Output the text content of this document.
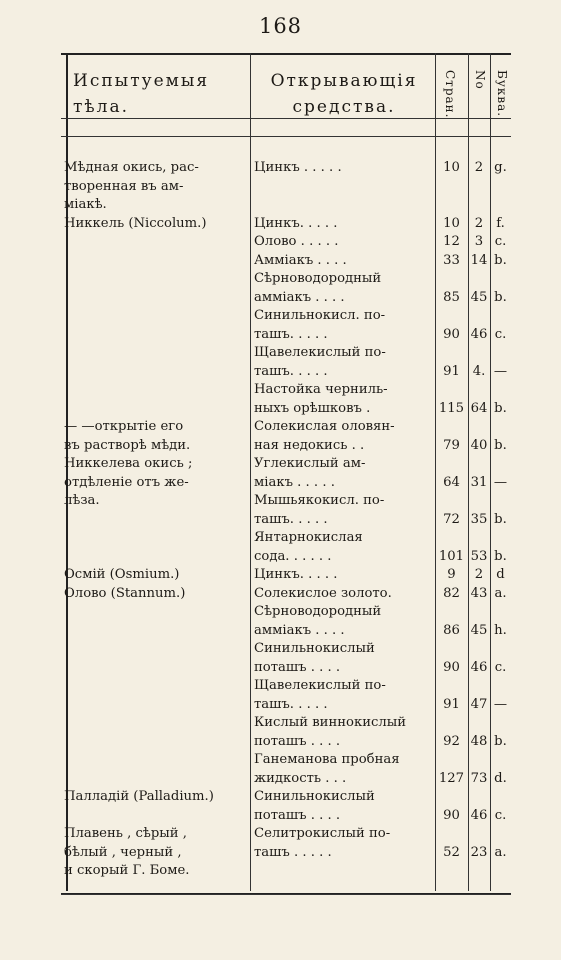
168
Испытуемыя тѣла.
Открывающія средства.	Стран. No Буква.
Мѣдная окись, рас-	Цинкъ . . . . .	10	2 g.
творенная въ ам-
міакѣ.
Никкель (Niccolum.)	Цинкъ. . . . .	10	2 f.
Олово . . . . .	12	3 c.
Амміакъ . . . .	33 14 b.
Сѣрноводородный
амміакъ . . . .	85 45 b.
Синильнокисл. по-
ташъ. . . . .	90 46 c.
Щавелекислый по-
ташъ. . . . .	91 4. —
Настойка черниль-
ныхъ орѣшковъ .	115 64 b.
— —открытіе его	Солекислая оловян-
въ растворѣ мѣди.	ная недокись . .	79 40 b.
Никкелева окись ;	Углекислый ам-
отдѣленіе отъ же-	міакъ . . . . .	64 31 —
лѣза.	Мышьякокисл. по-
ташъ. . . . .	72 35 b.
Янтарнокислая
сода. . . . . .	101 53 b.
Осмій (Osmium.)	Цинкъ. . . . .	9	2 d
Олово (Stannum.)	Солекислое золото.	82 43 a.
Сѣрноводородный
амміакъ . . . .	86 45 h.
Синильнокислый
поташъ . . . .	90 46 c.
Щавелекислый по-
ташъ. . . . .	91 47 —
Кислый виннокислый
поташъ . . . .	92 48 b.
Ганеманова пробная
жидкость . . .	127 73 d.
Палладій (Palladium.)	Синильнокислый
поташъ . . . .	90 46 c.
Плавень , сѣрый ,	Селитрокислый по-
бѣлый , черный ,	ташъ . . . . .	52 23 a.
и скорый Г. Боме.
